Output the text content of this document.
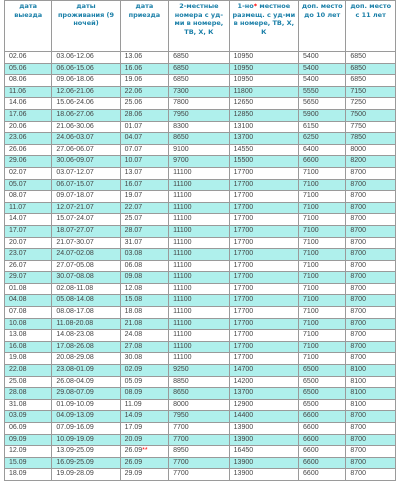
дата выезда	даты проживания (9 ночей)	дата приезда	2-местные номера с уд-ми в номере, ТВ, Х, К	1-но* местное размещ. с уд-ми в номере, ТВ, Х, К	доп. место до 10 лет	доп. место с 11 лет
02.06	03.06-12.06	13.06	6850	10950	5400	6850
05.06	06.06-15.06	16.06	6850	10950	5400	6850
08.06	09.06-18.06	19.06	6850	10950	5400	6850
11.06	12.06-21.06	22.06	7300	11800	5550	7150
14.06	15.06-24.06	25.06	7800	12650	5650	7250
17.06	18.06-27.06	28.06	7950	12850	5900	7500
20.06	21.06-30.06	01.07	8300	13100	6150	7750
23.06	24.06-03.07	04.07	8650	13700	6250	7850
26.06	27.06-06.07	07.07	9100	14550	6400	8000
29.06	30.06-09.07	10.07	9700	15500	6600	8200
02.07	03.07-12.07	13.07	11100	17700	7100	8700
05.07	06.07-15.07	16.07	11100	17700	7100	8700
08.07	09.07-18.07	19.07	11100	17700	7100	8700
11.07	12.07-21.07	22.07	11100	17700	7100	8700
14.07	15.07-24.07	25.07	11100	17700	7100	8700
17.07	18.07-27.07	28.07	11100	17700	7100	8700
20.07	21.07-30.07	31.07	11100	17700	7100	8700
23.07	24.07-02.08	03.08	11100	17700	7100	8700
26.07	27.07-05.08	06.08	11100	17700	7100	8700
29.07	30.07-08.08	09.08	11100	17700	7100	8700
01.08	02.08-11.08	12.08	11100	17700	7100	8700
04.08	05.08-14.08	15.08	11100	17700	7100	8700
07.08	08.08-17.08	18.08	11100	17700	7100	8700
10.08	11.08-20.08	21.08	11100	17700	7100	8700
13.08	14.08-23.08	24.08	11100	17700	7100	8700
16.08	17.08-26.08	27.08	11100	17700	7100	8700
19.08	20.08-29.08	30.08	11100	17700	7100	8700
22.08	23.08-01.09	02.09	9250	14700	6500	8100
25.08	26.08-04.09	05.09	8850	14200	6500	8100
28.08	29.08-07.09	08.09	8650	13700	6500	8100
31.08	01.09-10.09	11.09	8000	12900	6500	8100
03.09	04.09-13.09	14.09	7950	14400	6600	8700
06.09	07.09-16.09	17.09	7700	13900	6600	8700
09.09	10.09-19.09	20.09	7700	13900	6600	8700
12.09	13.09-25.09	26.09**	8950	16450	6600	8700
15.09	16.09-25.09	26.09	7700	13900	6600	8700
18.09	19.09-28.09	29.09	7700	13900	6600	8700
